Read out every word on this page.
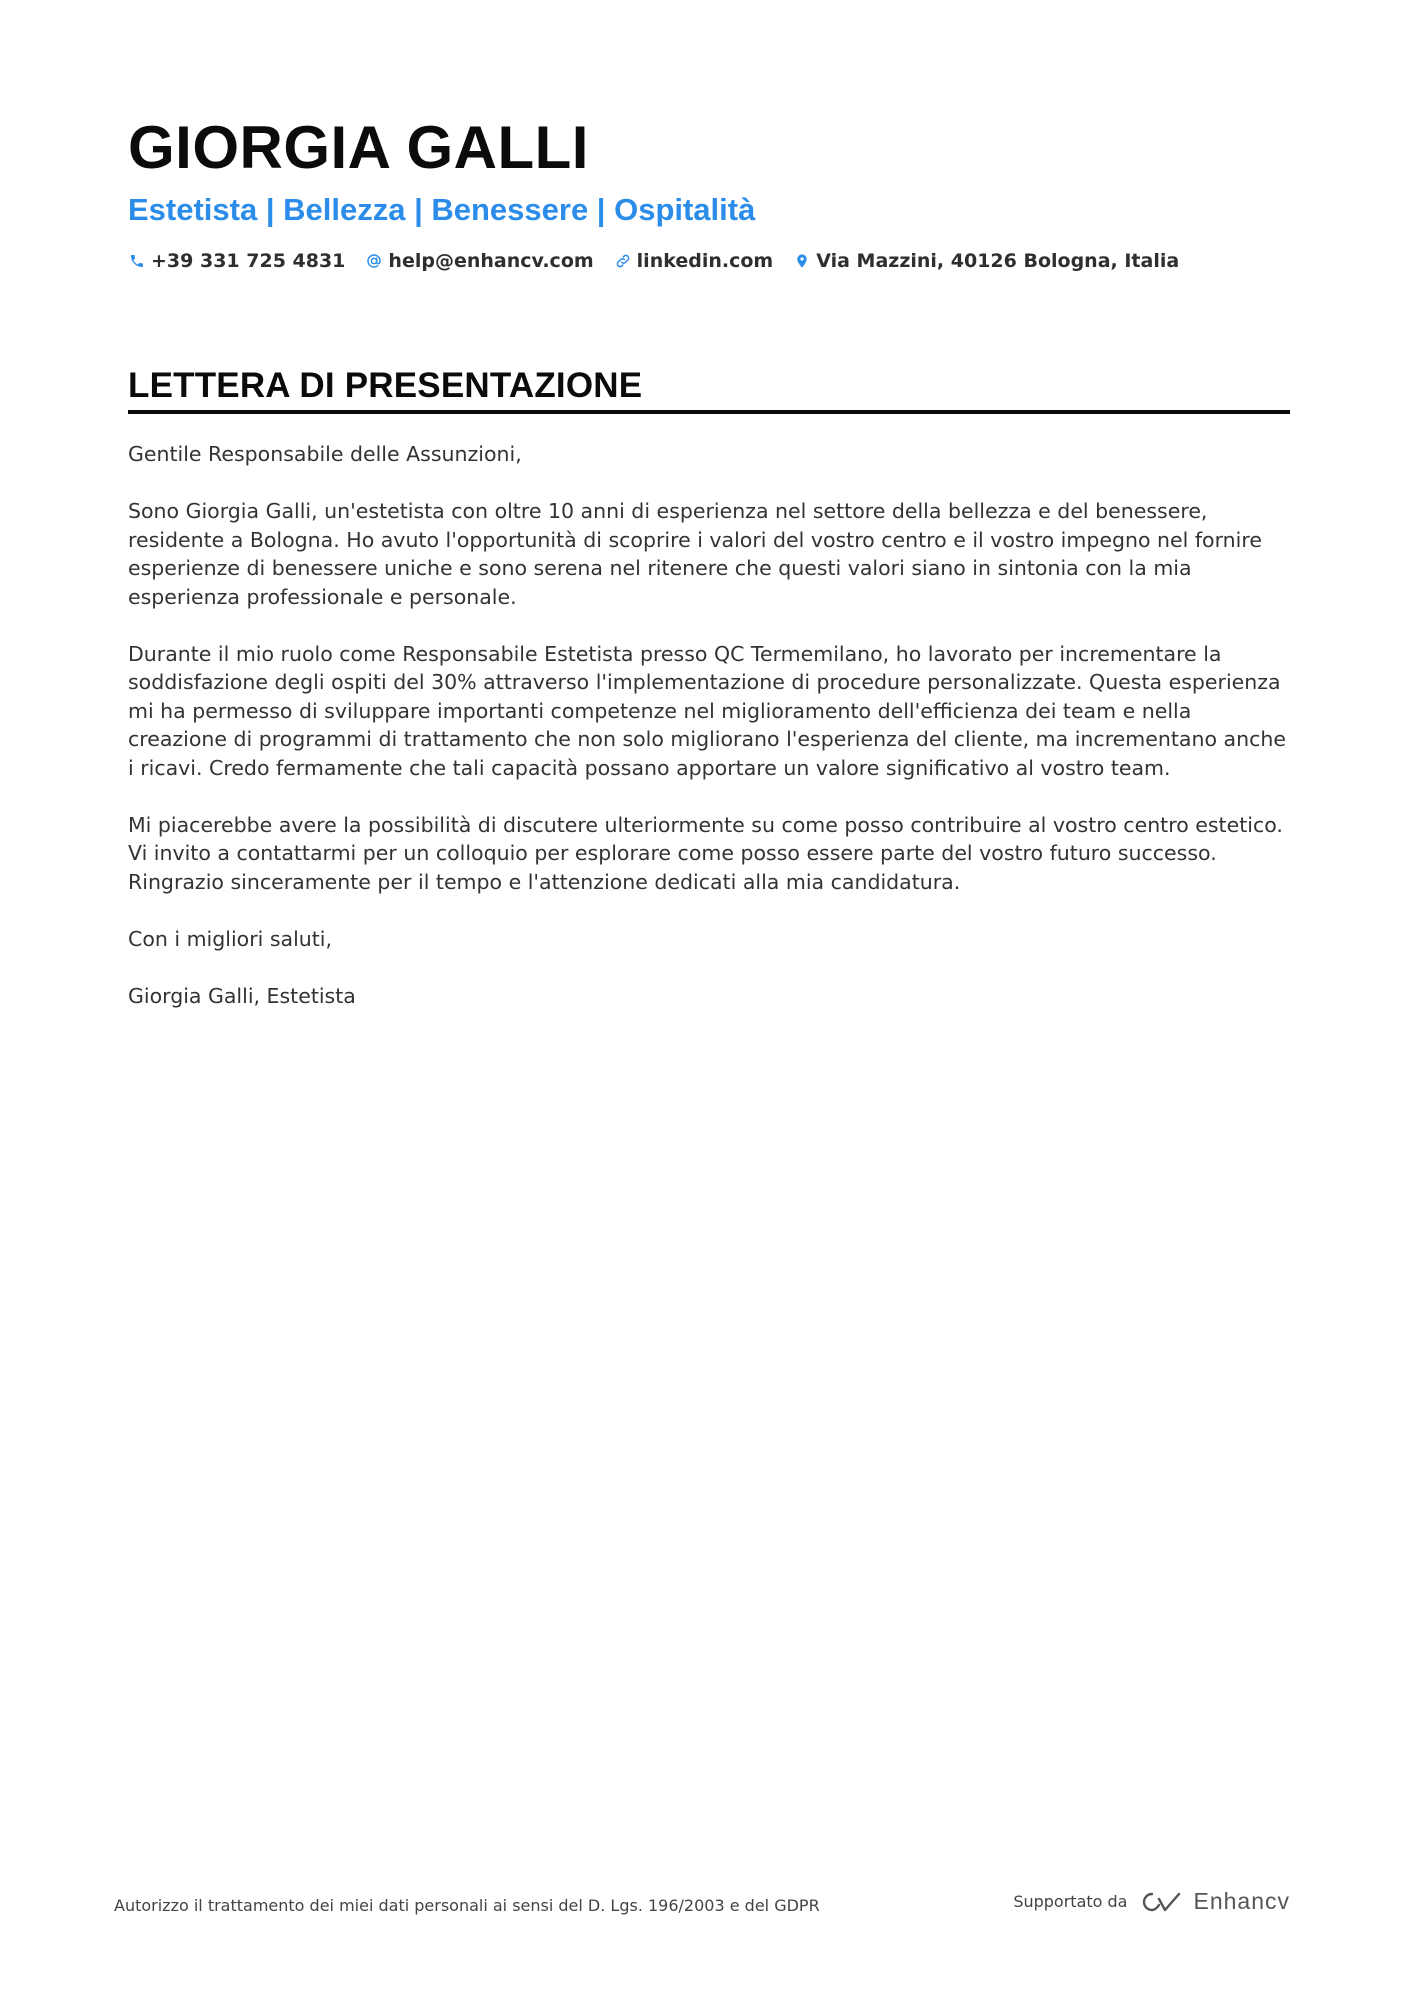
GIORGIA GALLI
Estetista | Bellezza | Benessere | Ospitalità
+39 331 725 4831 help@enhancv.com linkedin.com Via Mazzini, 40126 Bologna, Italia
LETTERA DI PRESENTAZIONE

Gentile Responsabile delle Assunzioni,

Sono Giorgia Galli, un'estetista con oltre 10 anni di esperienza nel settore della bellezza e del benessere, residente a Bologna. Ho avuto l'opportunità di scoprire i valori del vostro centro e il vostro impegno nel fornire esperienze di benessere uniche e sono serena nel ritenere che questi valori siano in sintonia con la mia esperienza professionale e personale.

Durante il mio ruolo come Responsabile Estetista presso QC Termemilano, ho lavorato per incrementare la soddisfazione degli ospiti del 30% attraverso l'implementazione di procedure personalizzate. Questa esperienza mi ha permesso di sviluppare importanti competenze nel miglioramento dell'efficienza dei team e nella creazione di programmi di trattamento che non solo migliorano l'esperienza del cliente, ma incrementano anche i ricavi. Credo fermamente che tali capacità possano apportare un valore significativo al vostro team.

Mi piacerebbe avere la possibilità di discutere ulteriormente su come posso contribuire al vostro centro estetico. Vi invito a contattarmi per un colloquio per esplorare come posso essere parte del vostro futuro successo. Ringrazio sinceramente per il tempo e l'attenzione dedicati alla mia candidatura.

Con i migliori saluti,

Giorgia Galli, Estetista

Autorizzo il trattamento dei miei dati personali ai sensi del D. Lgs. 196/2003 e del GDPR	Supportato da	Enhancv
